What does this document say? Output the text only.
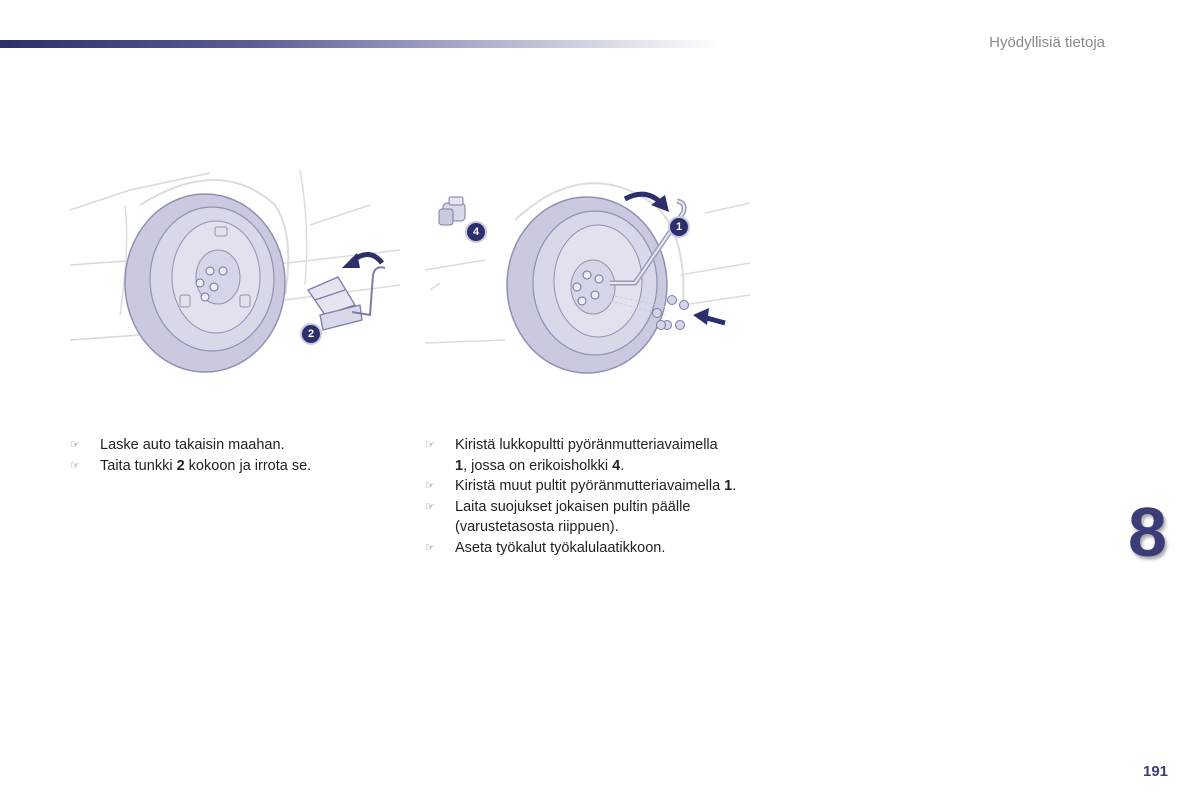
Hyödyllisiä tietoja
2
4	1
☞ Laske auto takaisin maahan.
☞ Taita tunkki 2 kokoon ja irrota se.
☞ Kiristä lukkopultti pyöränmutteriavaimella
1, jossa on erikoisholkki 4.
☞ Kiristä muut pultit pyöränmutteriavaimella 1.
☞ Laita suojukset jokaisen pultin päälle (varustetasosta riippuen).
☞ Aseta työkalut työkalulaatikkoon.	8
191
